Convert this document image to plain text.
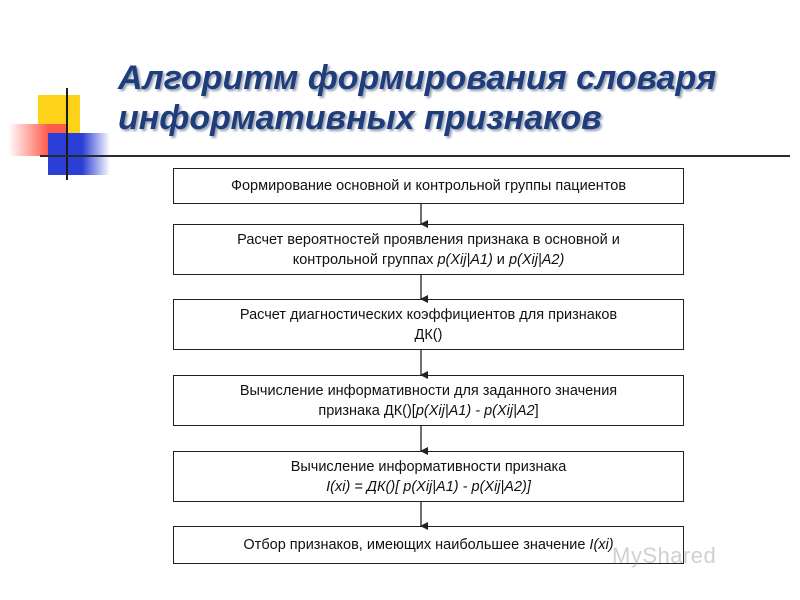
Алгоритм формирования словаря
информативных признаков
Формирование основной и контрольной группы пациентов
Расчет вероятностей проявления признака в основной и
контрольной группах p(Xij|A1) и p(Xij|A2)
Расчет диагностических коэффициентов для признаков
ДК()
Вычисление информативности для заданного значения
признака ДК()[p(Xij|A1) - p(Xij|A2]
Вычисление информативности признака
I(xi) = ДК()[ p(Xij|A1) - p(Xij|A2)]
Отбор признаков, имеющих наибольшее значение I(xi)
MyShared
